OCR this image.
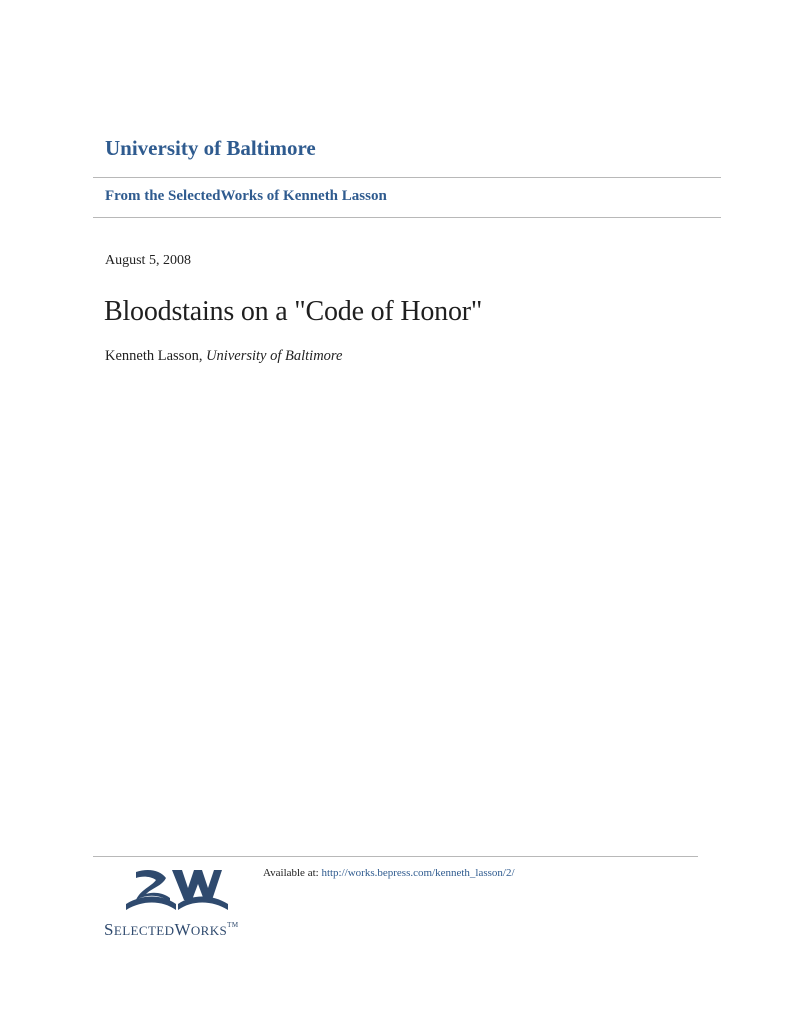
University of Baltimore
From the SelectedWorks of Kenneth Lasson
August 5, 2008
Bloodstains on a "Code of Honor"
Kenneth Lasson, University of Baltimore
SELECTEDWORKS™
Available at: http://works.bepress.com/kenneth_lasson/2/
